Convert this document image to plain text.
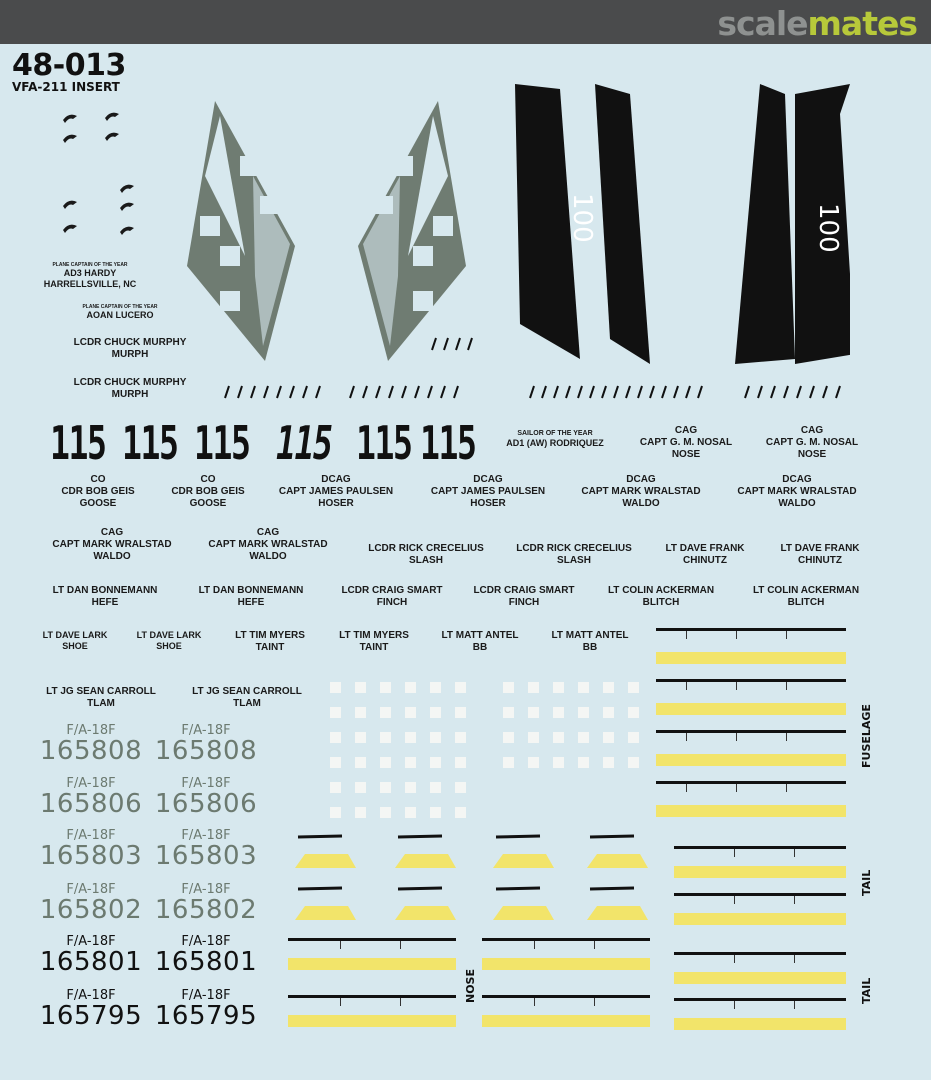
scalemates
48-013
VFA-211 INSERT
PLANE CAPTAIN OF THE YEAR
AD3 HARDY
HARRELLSVILLE, NC
PLANE CAPTAIN OF THE YEAR
AOAN LUCERO
LCDR CHUCK MURPHY
MURPH
LCDR CHUCK MURPHY
MURPH
100	100
115 115 115 115 115 115	SAILOR OF THE YEAR
AD1 (AW) RODRIQUEZ
CAG
CAPT G. M. NOSAL
NOSE
CAG
CAPT G. M. NOSAL
NOSE
CO
CDR BOB GEIS
GOOSE
CO
CDR BOB GEIS
GOOSE
DCAG
CAPT JAMES PAULSEN
HOSER
DCAG
CAPT JAMES PAULSEN
HOSER
DCAG
CAPT MARK WRALSTAD
WALDO
DCAG
CAPT MARK WRALSTAD
WALDO
CAG
CAPT MARK WRALSTAD
WALDO
CAG
CAPT MARK WRALSTAD
WALDO
LCDR RICK CRECELIUS
SLASH
LCDR RICK CRECELIUS
SLASH
LT DAVE FRANK
CHINUTZ
LT DAVE FRANK
CHINUTZ
LT DAN BONNEMANN
HEFE
LT DAN BONNEMANN
HEFE
LCDR CRAIG SMART
FINCH
LCDR CRAIG SMART
FINCH
LT COLIN ACKERMAN
BLITCH
LT COLIN ACKERMAN
BLITCH
LT DAVE LARK
SHOE
LT DAVE LARK
SHOE
LT TIM MYERS
TAINT
LT TIM MYERS
TAINT
LT MATT ANTEL
BB
LT MATT ANTEL
BB
LT JG SEAN CARROLL
TLAM
LT JG SEAN CARROLL
TLAM
F/A-18F
165808
F/A-18F
165808
F/A-18F
165806
F/A-18F
165806
F/A-18F
165803
F/A-18F
165803
F/A-18F
165802
F/A-18F
165802
F/A-18F
165801
F/A-18F
165801
F/A-18F
165795
F/A-18F
165795
FUSELAGE
TAIL
TAIL
NOSE
